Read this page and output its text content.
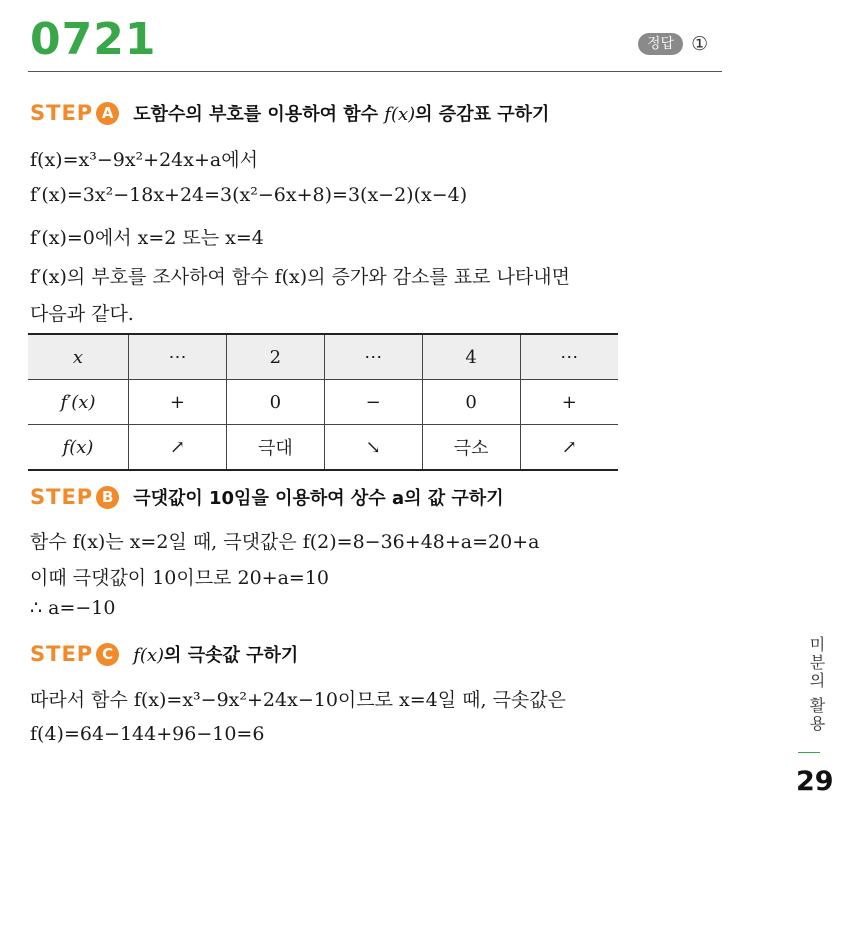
0721	정답 ①
STEP A	도함수의 부호를 이용하여 함수 f(x)의 증감표 구하기
f(x)=x³−9x²+24x+a에서
f′(x)=3x²−18x+24=3(x²−6x+8)=3(x−2)(x−4)
f′(x)=0에서 x=2 또는 x=4
f′(x)의 부호를 조사하여 함수 f(x)의 증가와 감소를 표로 나타내면
다음과 같다.
x	⋯	2	⋯	4	⋯
f′(x)	+	0	−	0	+
f(x)	↗	극대	↘	극소	↗
STEP B	극댓값이 10임을 이용하여 상수 a의 값 구하기
함수 f(x)는 x=2일 때, 극댓값은 f(2)=8−36+48+a=20+a
이때 극댓값이 10이므로 20+a=10
∴ a=−10
STEP C	f(x)의 극솟값 구하기
따라서 함수 f(x)=x³−9x²+24x−10이므로 x=4일 때, 극솟값은
f(4)=64−144+96−10=6
미분의 활용
29
